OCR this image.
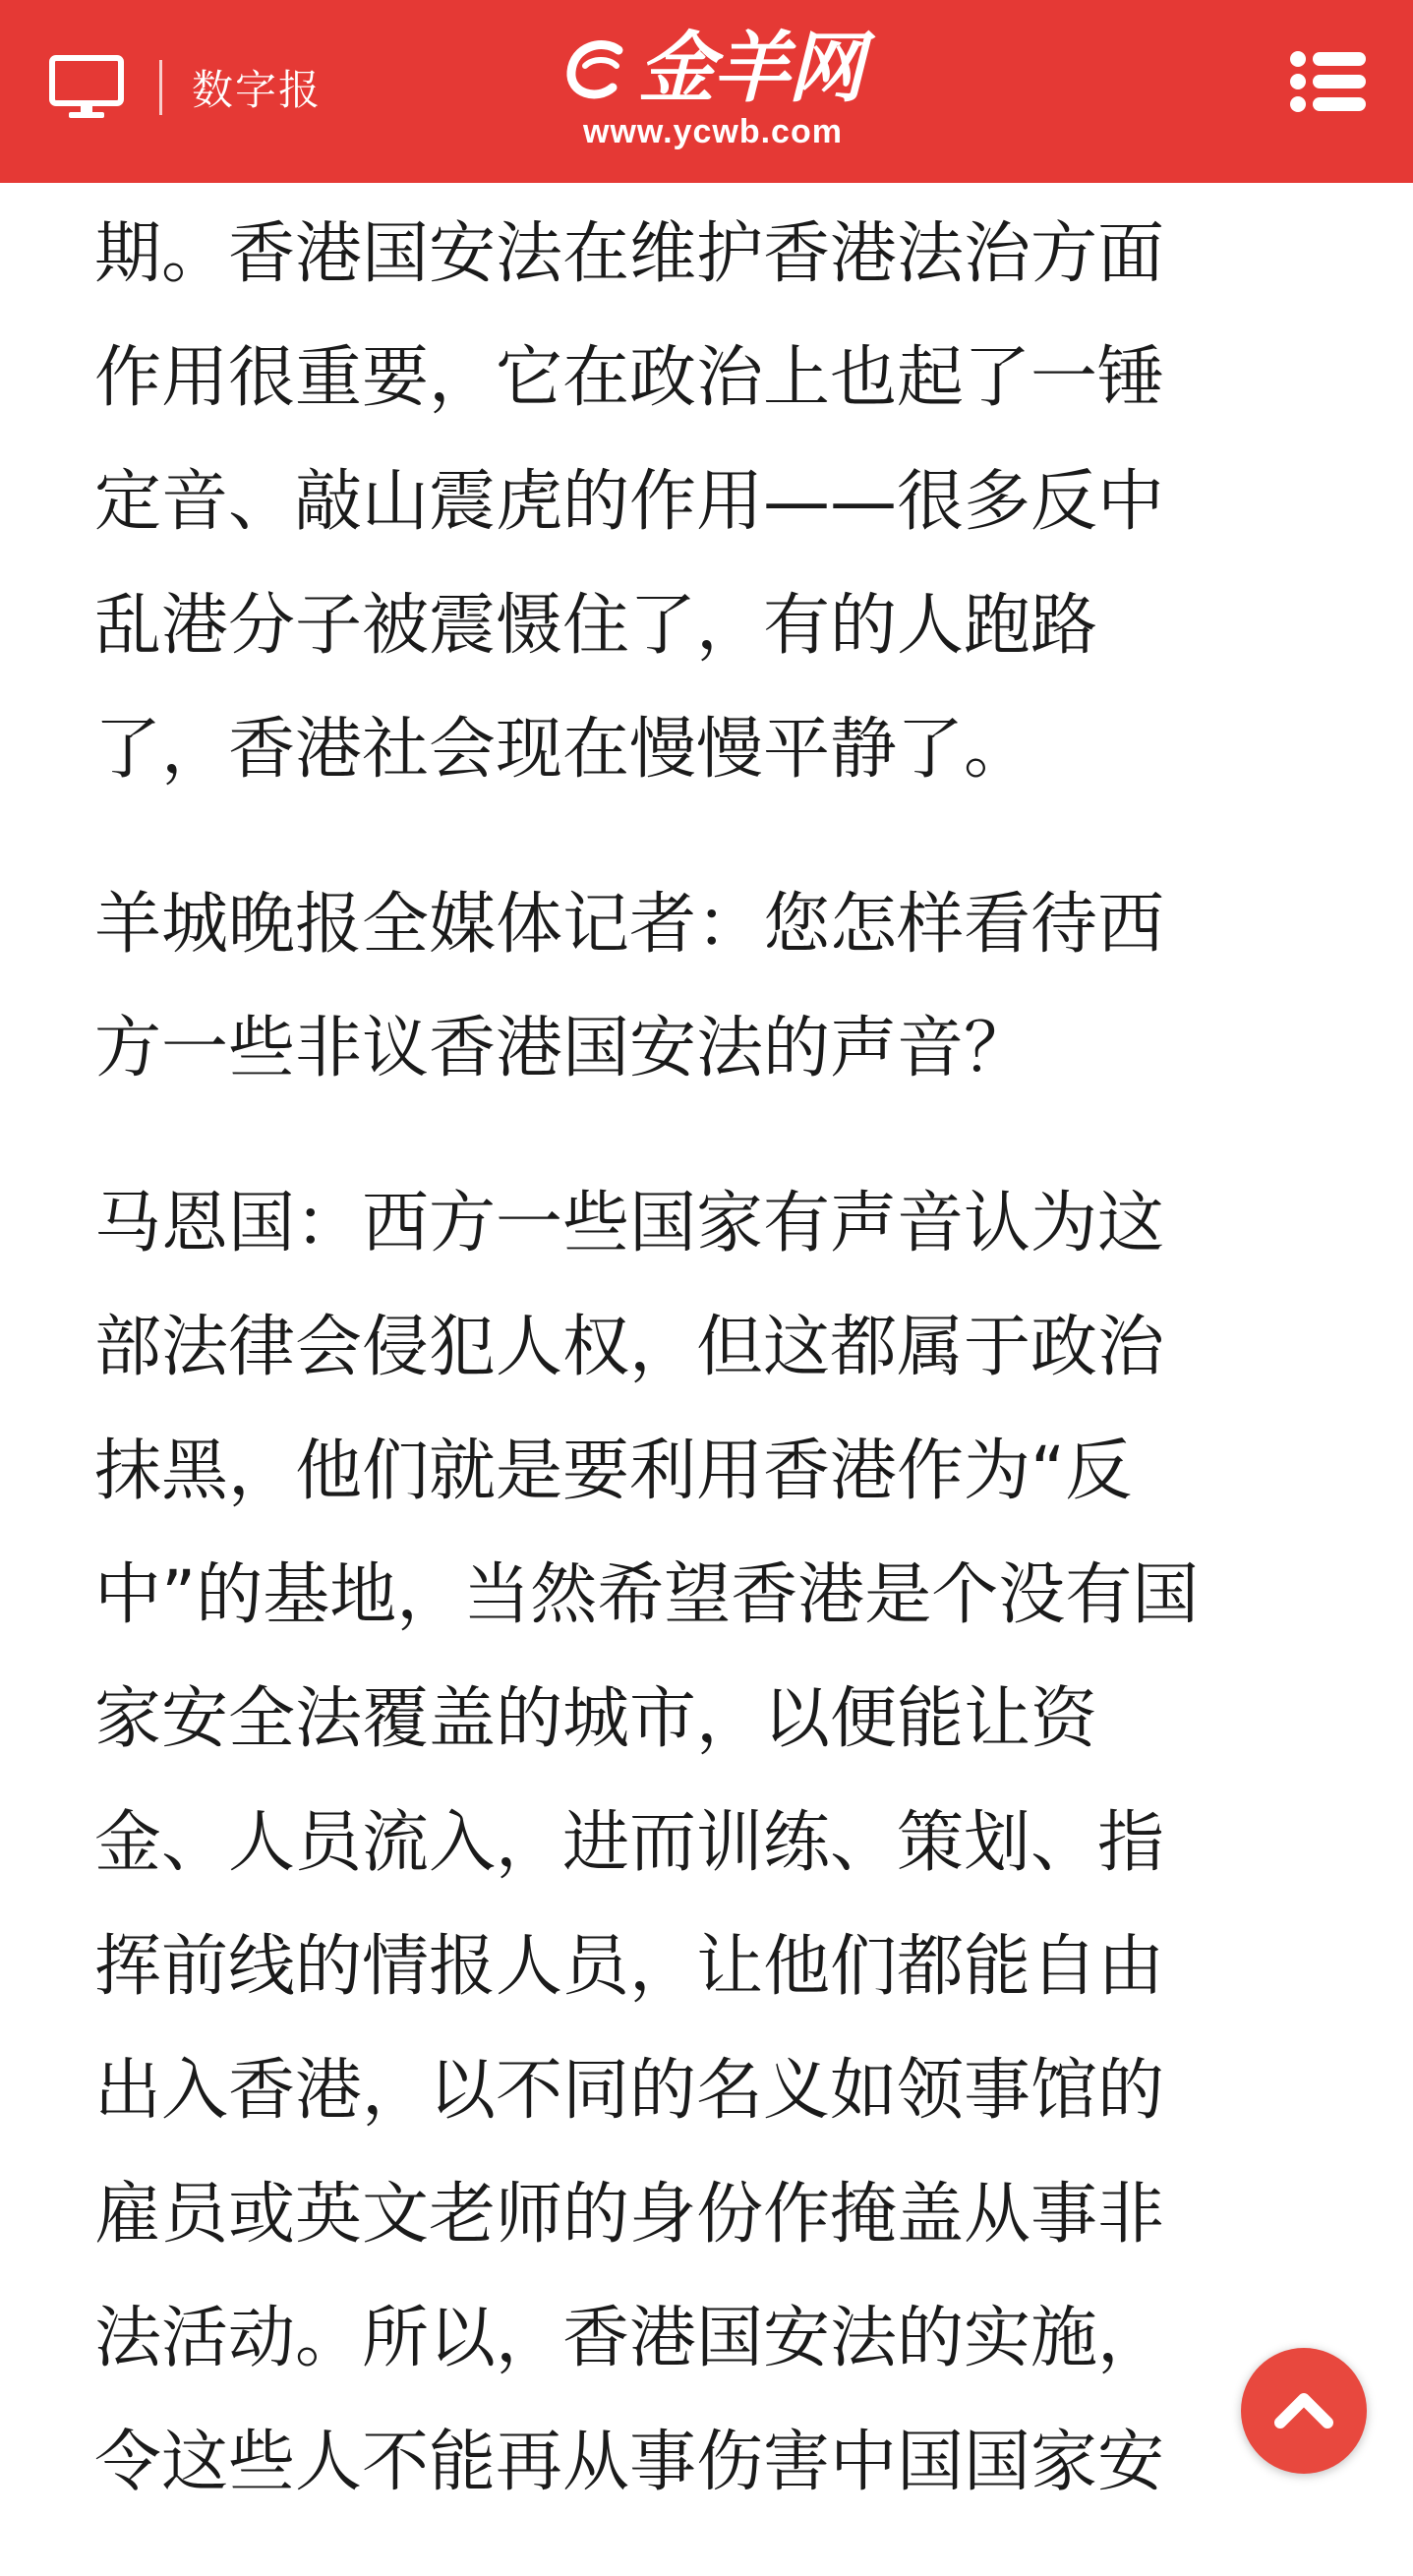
数字报	金羊网
www.ycwb.com

期。香港国安法在维护香港法治方面
作用很重要，它在政治上也起了一锤
定音、敲山震虎的作用——很多反中
乱港分子被震慑住了，有的人跑路
了，香港社会现在慢慢平静了。

羊城晚报全媒体记者：您怎样看待西
方一些非议香港国安法的声音？

马恩国：西方一些国家有声音认为这
部法律会侵犯人权，但这都属于政治
抹黑，他们就是要利用香港作为“反
中”的基地，当然希望香港是个没有国
家安全法覆盖的城市，以便能让资
金、人员流入，进而训练、策划、指
挥前线的情报人员，让他们都能自由
出入香港，以不同的名义如领事馆的
雇员或英文老师的身份作掩盖从事非
法活动。所以，香港国安法的实施，
令这些人不能再从事伤害中国国家安
